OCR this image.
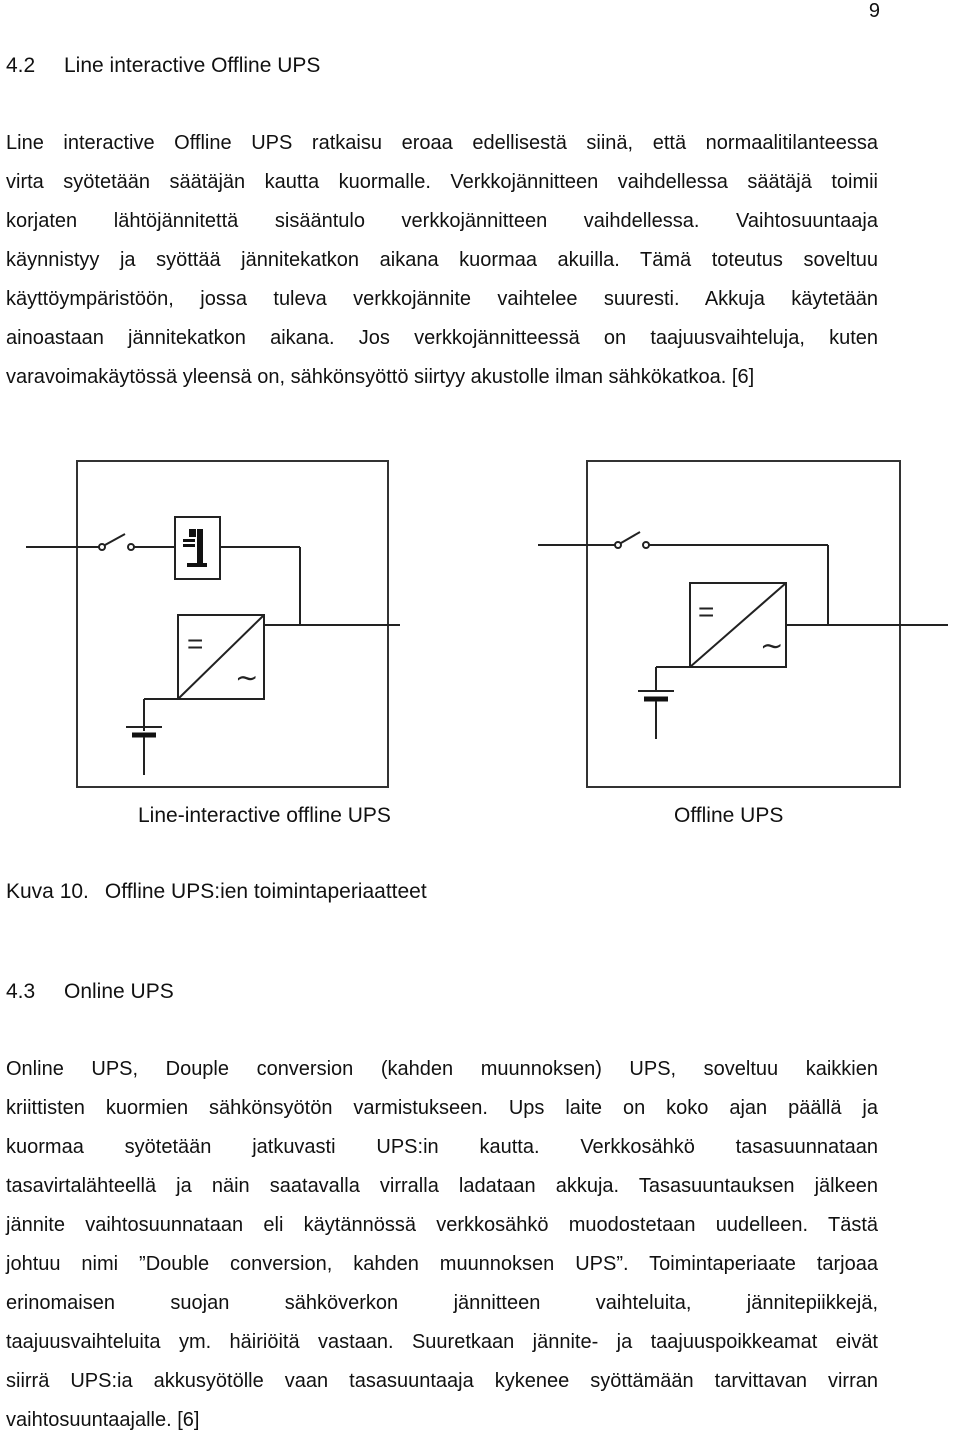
9
4.2 Line interactive Offline UPS
Line interactive Offline UPS ratkaisu eroaa edellisestä siinä, että normaalitilanteessa
virta syötetään säätäjän kautta kuormalle. Verkkojännitteen vaihdellessa säätäjä toimii
korjaten lähtöjännitettä sisääntulo verkkojännitteen vaihdellessa. Vaihtosuuntaaja
käynnistyy ja syöttää jännitekatkon aikana kuormaa akuilla. Tämä toteutus soveltuu
käyttöympäristöön, jossa tuleva verkkojännite vaihtelee suuresti. Akkuja käytetään
ainoastaan jännitekatkon aikana. Jos verkkojännitteessä on taajuusvaihteluja, kuten
varavoimakäytössä yleensä on, sähkönsyöttö siirtyy akustolle ilman sähkökatkoa. [6]
=
∼
=
∼
Line-interactive offline UPS	Offline UPS
Kuva 10. Offline UPS:ien toimintaperiaatteet
4.3 Online UPS
Online UPS, Douple conversion (kahden muunnoksen) UPS, soveltuu kaikkien
kriittisten kuormien sähkönsyötön varmistukseen. Ups laite on koko ajan päällä ja
kuormaa syötetään jatkuvasti UPS:in kautta. Verkkosähkö tasasuunnataan
tasavirtalähteellä ja näin saatavalla virralla ladataan akkuja. Tasasuuntauksen jälkeen
jännite vaihtosuunnataan eli käytännössä verkkosähkö muodostetaan uudelleen. Tästä
johtuu nimi ”Double conversion, kahden muunnoksen UPS”. Toimintaperiaate tarjoaa
erinomaisen suojan sähköverkon jännitteen vaihteluita, jännitepiikkejä,
taajuusvaihteluita ym. häiriöitä vastaan. Suuretkaan jännite- ja taajuuspoikkeamat eivät
siirrä UPS:ia akkusyötölle vaan tasasuuntaaja kykenee syöttämään tarvittavan virran
vaihtosuuntaajalle. [6]
